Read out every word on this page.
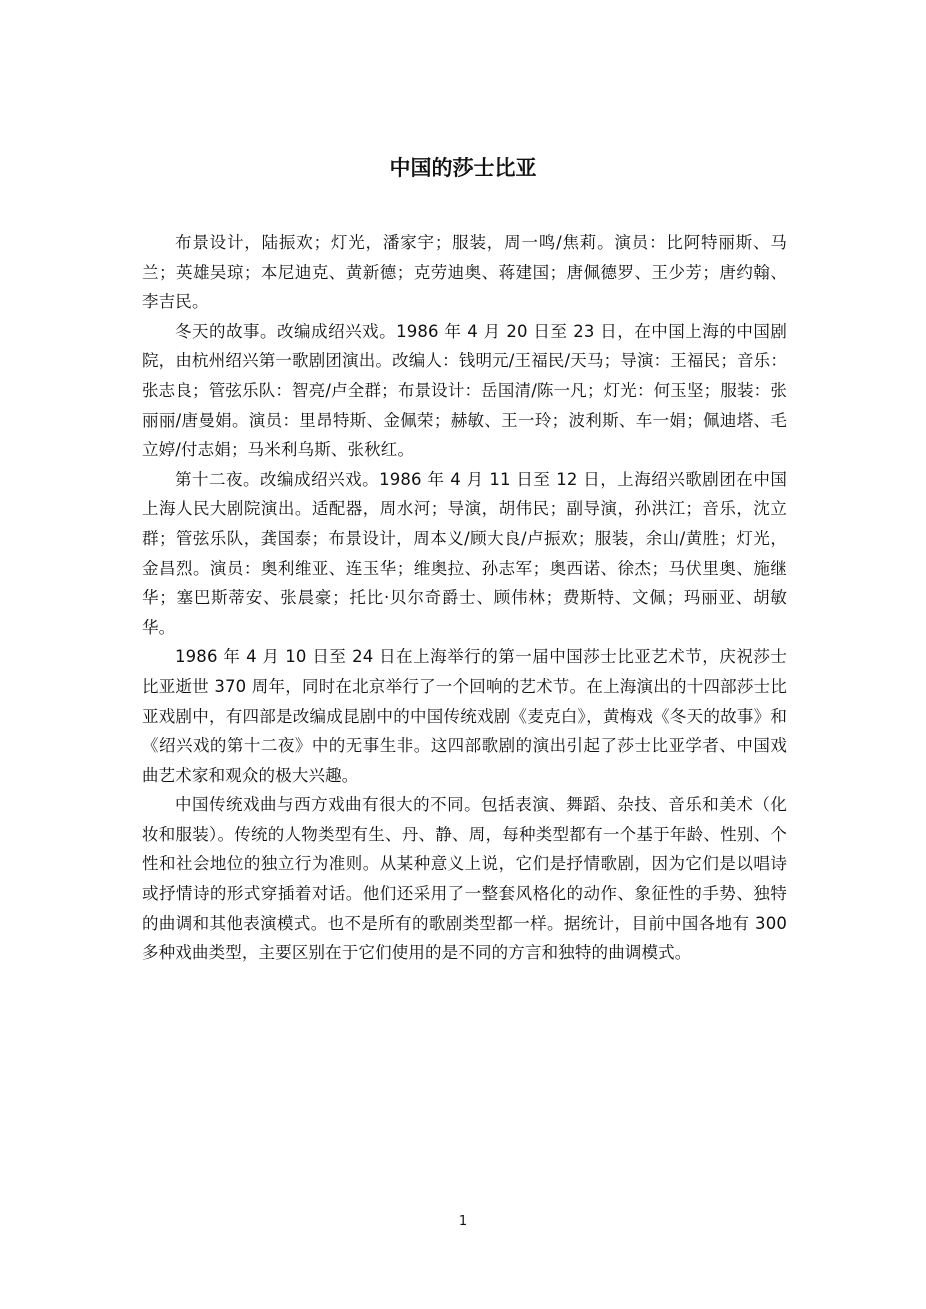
中国的莎士比亚

布景设计，陆振欢；灯光，潘家宇；服装，周一鸣/焦莉。演员：比阿特丽斯、马兰；英雄吴琼；本尼迪克、黄新德；克劳迪奥、蒋建国；唐佩德罗、王少芳；唐约翰、李吉民。

冬天的故事。改编成绍兴戏。1986 年 4 月 20 日至 23 日，在中国上海的中国剧院，由杭州绍兴第一歌剧团演出。改编人：钱明元/王福民/天马；导演：王福民；音乐：张志良；管弦乐队：智亮/卢全群；布景设计：岳国清/陈一凡；灯光：何玉坚；服装：张丽丽/唐曼娟。演员：里昂特斯、金佩荣；赫敏、王一玲；波利斯、车一娟；佩迪塔、毛立婷/付志娟；马米利乌斯、张秋红。

第十二夜。改编成绍兴戏。1986 年 4 月 11 日至 12 日，上海绍兴歌剧团在中国上海人民大剧院演出。适配器，周水河；导演，胡伟民；副导演，孙洪江；音乐，沈立群；管弦乐队，龚国泰；布景设计，周本义/顾大良/卢振欢；服装，余山/黄胜；灯光，金昌烈。演员：奥利维亚、连玉华；维奥拉、孙志军；奥西诺、徐杰；马伏里奥、施继华；塞巴斯蒂安、张晨豪；托比·贝尔奇爵士、顾伟林；费斯特、文佩；玛丽亚、胡敏华。

1986 年 4 月 10 日至 24 日在上海举行的第一届中国莎士比亚艺术节，庆祝莎士比亚逝世 370 周年，同时在北京举行了一个回响的艺术节。在上海演出的十四部莎士比亚戏剧中，有四部是改编成昆剧中的中国传统戏剧《麦克白》，黄梅戏《冬天的故事》和《绍兴戏的第十二夜》中的无事生非。这四部歌剧的演出引起了莎士比亚学者、中国戏曲艺术家和观众的极大兴趣。

中国传统戏曲与西方戏曲有很大的不同。包括表演、舞蹈、杂技、音乐和美术（化妆和服装）。传统的人物类型有生、丹、静、周，每种类型都有一个基于年龄、性别、个性和社会地位的独立行为准则。从某种意义上说，它们是抒情歌剧，因为它们是以唱诗或抒情诗的形式穿插着对话。他们还采用了一整套风格化的动作、象征性的手势、独特的曲调和其他表演模式。也不是所有的歌剧类型都一样。据统计，目前中国各地有 300 多种戏曲类型，主要区别在于它们使用的是不同的方言和独特的曲调模式。

1
